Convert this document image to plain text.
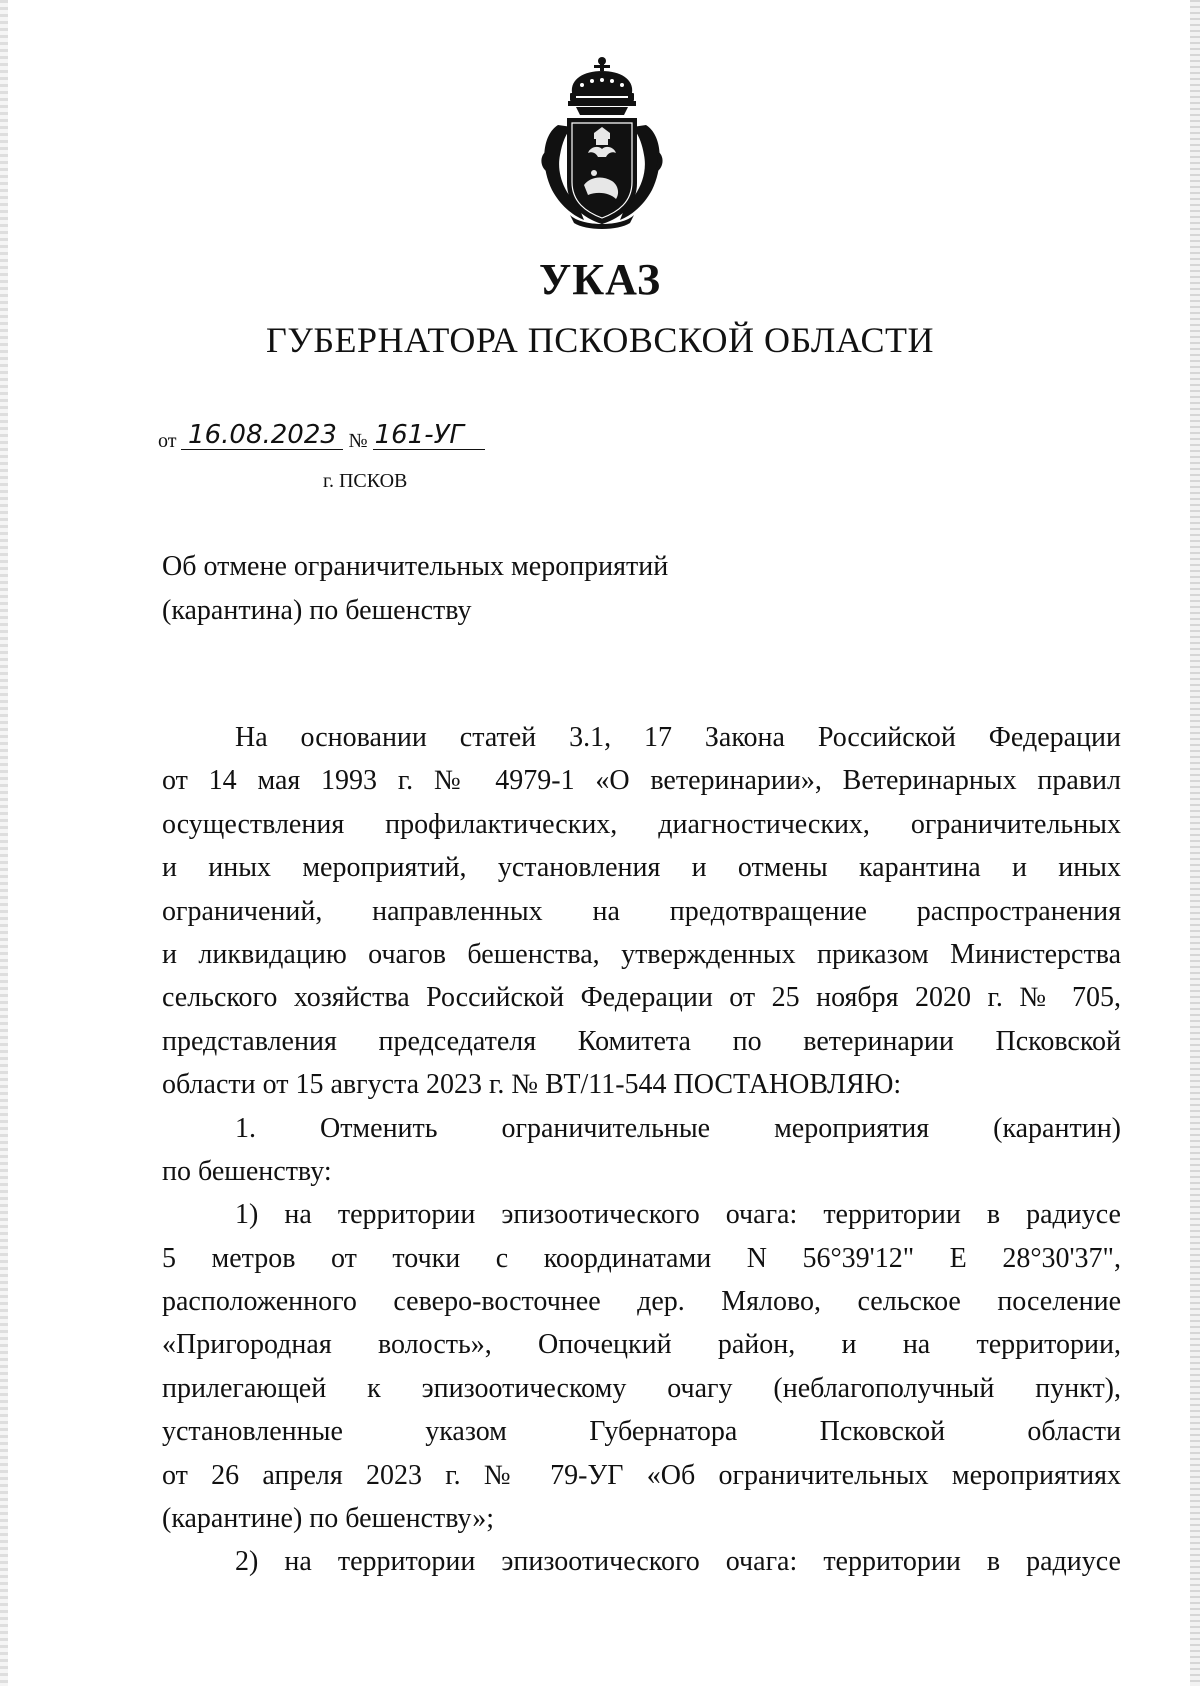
УКАЗ
ГУБЕРНАТОРА ПСКОВСКОЙ ОБЛАСТИ
от 16.08.2023 № 161-УГ
г. ПСКОВ
Об отмене ограничительных мероприятий
(карантина) по бешенству
На основании статей 3.1, 17 Закона Российской Федерации
от 14 мая 1993 г. № 4979-1 «О ветеринарии», Ветеринарных правил
осуществления профилактических, диагностических, ограничительных
и иных мероприятий, установления и отмены карантина и иных
ограничений, направленных на предотвращение распространения
и ликвидацию очагов бешенства, утвержденных приказом Министерства
сельского хозяйства Российской Федерации от 25 ноября 2020 г. № 705,
представления председателя Комитета по ветеринарии Псковской
области от 15 августа 2023 г. № ВТ/11-544 ПОСТАНОВЛЯЮ:
1. Отменить ограничительные мероприятия (карантин)
по бешенству:
1) на территории эпизоотического очага: территории в радиусе
5 метров от точки с координатами N 56°39'12" E 28°30'37",
расположенного северо-восточнее дер. Мялово, сельское поселение
«Пригородная волость», Опочецкий район, и на территории,
прилегающей к эпизоотическому очагу (неблагополучный пункт),
установленные указом Губернатора Псковской области
от 26 апреля 2023 г. № 79-УГ «Об ограничительных мероприятиях
(карантине) по бешенству»;
2) на территории эпизоотического очага: территории в радиусе
